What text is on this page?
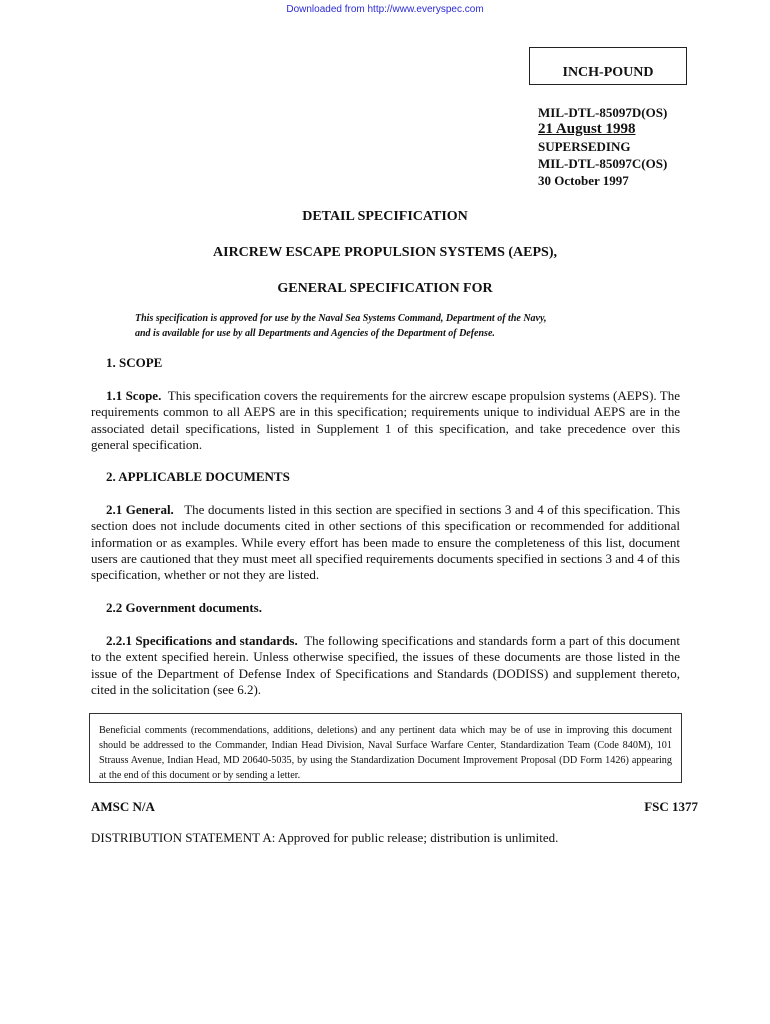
Downloaded from http://www.everyspec.com
INCH-POUND
MIL-DTL-85097D(OS)
21 August 1998
SUPERSEDING
MIL-DTL-85097C(OS)
30 October 1997
DETAIL SPECIFICATION
AIRCREW ESCAPE PROPULSION SYSTEMS (AEPS),
GENERAL SPECIFICATION FOR
This specification is approved for use by the Naval Sea Systems Command, Department of the Navy,
and is available for use by all Departments and Agencies of the Department of Defense.
1. SCOPE
1.1 Scope. This specification covers the requirements for the aircrew escape propulsion systems (AEPS). The requirements common to all AEPS are in this specification; requirements unique to individual AEPS are in the associated detail specifications, listed in Supplement 1 of this specification, and take precedence over this general specification.
2. APPLICABLE DOCUMENTS
2.1 General. The documents listed in this section are specified in sections 3 and 4 of this specification. This section does not include documents cited in other sections of this specification or recommended for additional information or as examples. While every effort has been made to ensure the completeness of this list, document users are cautioned that they must meet all specified requirements documents specified in sections 3 and 4 of this specification, whether or not they are listed.
2.2 Government documents.
2.2.1 Specifications and standards. The following specifications and standards form a part of this document to the extent specified herein. Unless otherwise specified, the issues of these documents are those listed in the issue of the Department of Defense Index of Specifications and Standards (DODISS) and supplement thereto, cited in the solicitation (see 6.2).
Beneficial comments (recommendations, additions, deletions) and any pertinent data which may be of use in improving this document should be addressed to the Commander, Indian Head Division, Naval Surface Warfare Center, Standardization Team (Code 840M), 101 Strauss Avenue, Indian Head, MD 20640-5035, by using the Standardization Document Improvement Proposal (DD Form 1426) appearing at the end of this document or by sending a letter.
AMSC N/A	FSC 1377
DISTRIBUTION STATEMENT A: Approved for public release; distribution is unlimited.
